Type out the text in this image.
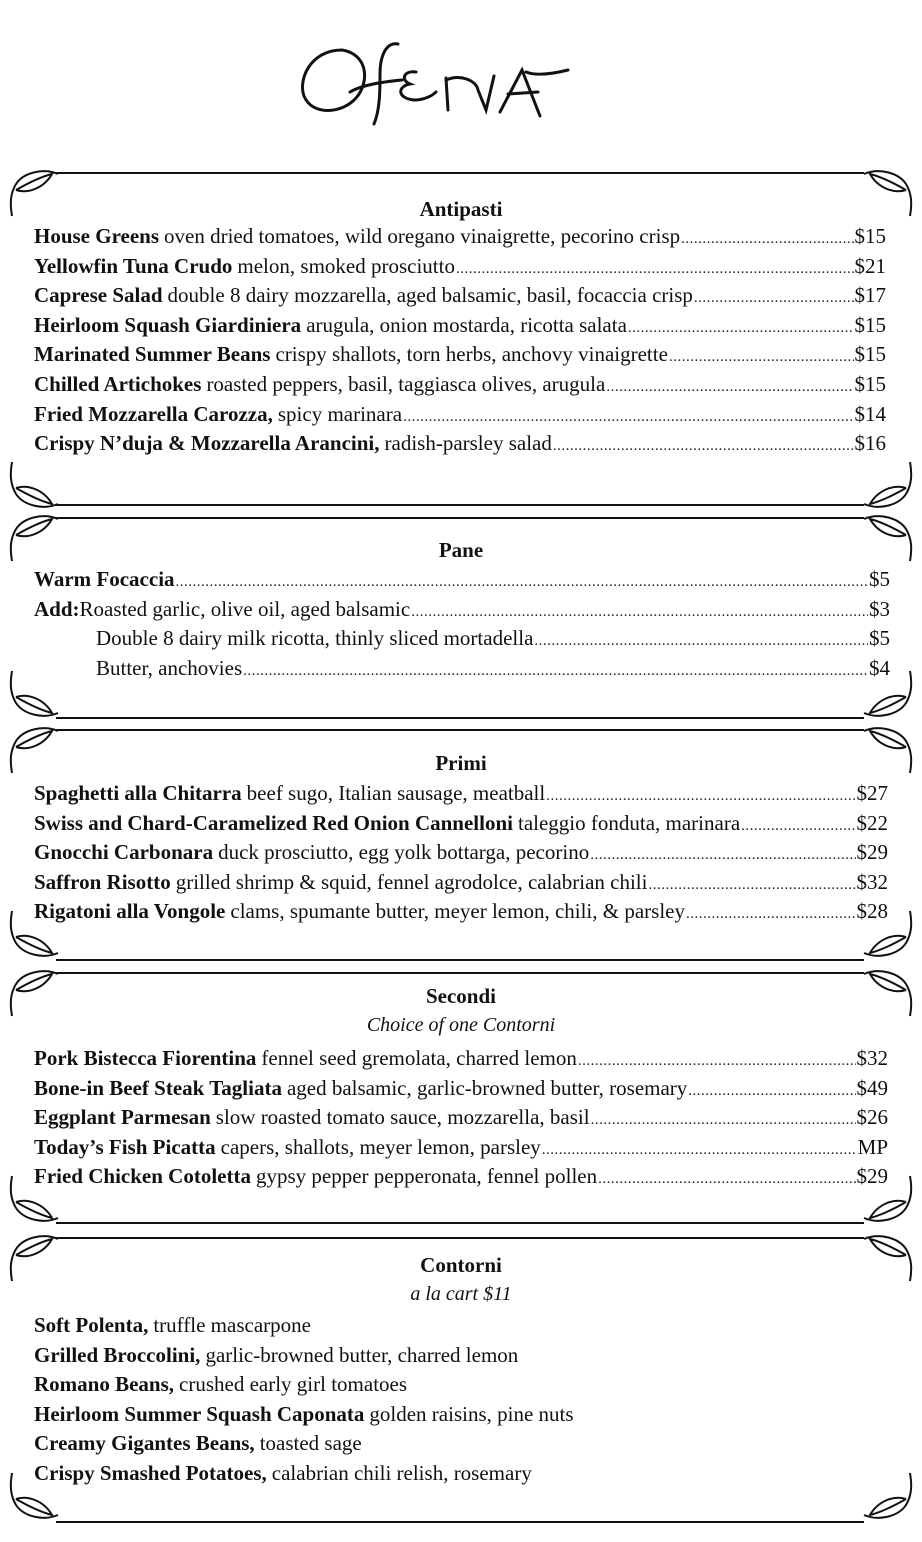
Antipasti
House Greens oven dried tomatoes, wild oregano vinaigrette, pecorino crisp .....	$15
Yellowfin Tuna Crudo melon, smoked prosciutto .....	$21
Caprese Salad double 8 dairy mozzarella, aged balsamic, basil, focaccia crisp .....	$17
Heirloom Squash Giardiniera arugula, onion mostarda, ricotta salata .....	$15
Marinated Summer Beans crispy shallots, torn herbs, anchovy vinaigrette .....	$15
Chilled Artichokes roasted peppers, basil, taggiasca olives, arugula .....	$15
Fried Mozzarella Carozza, spicy marinara .....	$14
Crispy N’duja & Mozzarella Arancini, radish-parsley salad .....	$16
Pane
Warm Focaccia .....	$5
Add: Roasted garlic, olive oil, aged balsamic .....	$3
Double 8 dairy milk ricotta, thinly sliced mortadella .....	$5
Butter, anchovies .....	$4
Primi
Spaghetti alla Chitarra beef sugo, Italian sausage, meatball .....	$27
Swiss and Chard-Caramelized Red Onion Cannelloni taleggio fonduta, marinara .....	$22
Gnocchi Carbonara duck prosciutto, egg yolk bottarga, pecorino .....	$29
Saffron Risotto grilled shrimp & squid, fennel agrodolce, calabrian chili .....	$32
Rigatoni alla Vongole clams, spumante butter, meyer lemon, chili, & parsley .....	$28
Secondi
Choice of one Contorni
Pork Bistecca Fiorentina fennel seed gremolata, charred lemon .....	$32
Bone-in Beef Steak Tagliata aged balsamic, garlic-browned butter, rosemary .....	$49
Eggplant Parmesan slow roasted tomato sauce, mozzarella, basil .....	$26
Today’s Fish Picatta capers, shallots, meyer lemon, parsley .....	MP
Fried Chicken Cotoletta gypsy pepper pepperonata, fennel pollen .....	$29
Contorni
a la cart $11
Soft Polenta, truffle mascarpone
Grilled Broccolini, garlic-browned butter, charred lemon
Romano Beans, crushed early girl tomatoes
Heirloom Summer Squash Caponata golden raisins, pine nuts
Creamy Gigantes Beans, toasted sage
Crispy Smashed Potatoes, calabrian chili relish, rosemary
